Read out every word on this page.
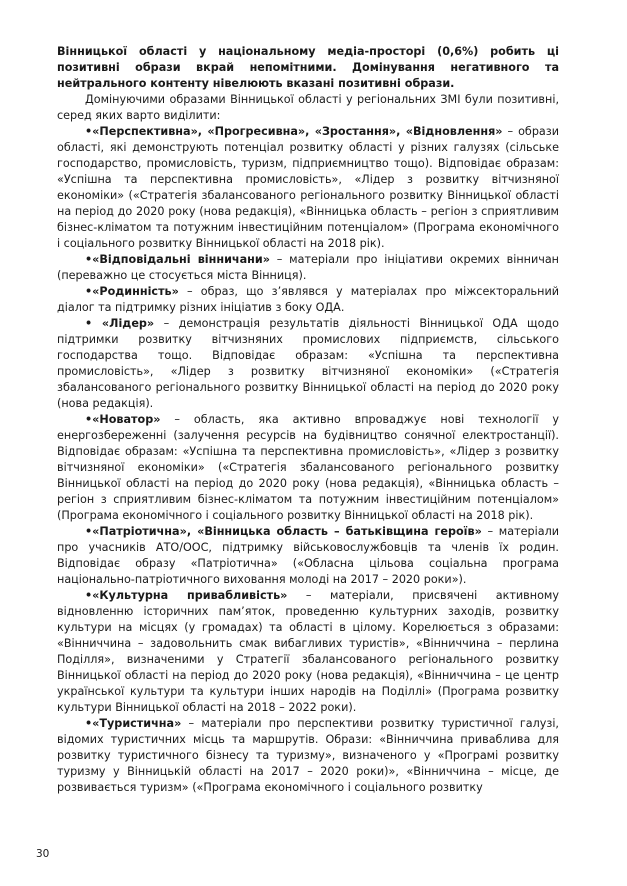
Вінницької області у національному медіа-просторі (0,6%) робить ці позитивні образи вкрай непомітними. Домінування негативного та нейтрального контенту нівелюють вказані позитивні образи.

Домінуючими образами Вінницької області у регіональних ЗМІ були позитивні, серед яких варто виділити:

•«Перспективна», «Прогресивна», «Зростання», «Відновлення» – образи області, які демонструють потенціал розвитку області у різних галузях (сільське господарство, промисловість, туризм, підприємництво тощо). Відповідає образам: «Успішна та перспективна промисловість», «Лідер з розвитку вітчизняної економіки» («Стратегія збалансованого регіонального розвитку Вінницької області на період до 2020 року (нова редакція), «Вінницька область – регіон з сприятливим бізнес-кліматом та потужним інвестиційним потенціалом» (Програма економічного і соціального розвитку Вінницької області на 2018 рік).

•«Відповідальні вінничани» – матеріали про ініціативи окремих вінничан (переважно це стосується міста Вінниця).

•«Родинність» – образ, що з’являвся у матеріалах про міжсекторальний діалог та підтримку різних ініціатив з боку ОДА.

• «Лідер» – демонстрація результатів діяльності Вінницької ОДА щодо підтримки розвитку вітчизняних промислових підприємств, сільського господарства тощо. Відповідає образам: «Успішна та перспективна промисловість», «Лідер з розвитку вітчизняної економіки» («Стратегія збалансованого регіонального розвитку Вінницької області на період до 2020 року (нова редакція).

•«Новатор» – область, яка активно впроваджує нові технології у енергозбереженні (залучення ресурсів на будівництво сонячної електростанції). Відповідає образам: «Успішна та перспективна промисловість», «Лідер з розвитку вітчизняної економіки» («Стратегія збалансованого регіонального розвитку Вінницької області на період до 2020 року (нова редакція), «Вінницька область – регіон з сприятливим бізнес-кліматом та потужним інвестиційним потенціалом» (Програма економічного і соціального розвитку Вінницької області на 2018 рік).

•«Патріотична», «Вінницька область – батьківщина героїв» – матеріали про учасників АТО/ООС, підтримку військовослужбовців та членів їх родин. Відповідає образу «Патріотична» («Обласна цільова соціальна програма національно-патріотичного виховання молоді на 2017 – 2020 роки»).

•«Культурна привабливість» – матеріали, присвячені активному відновленню історичних пам’яток, проведенню культурних заходів, розвитку культури на місцях (у громадах) та області в цілому. Корелюється з образами: «Вінниччина – задовольнить смак вибагливих туристів», «Вінниччина – перлина Поділля», визначеними у Стратегії збалансованого регіонального розвитку Вінницької області на період до 2020 року (нова редакція), «Вінниччина – це центр української культури та культури інших народів на Поділлі» (Програма розвитку культури Вінницької області на 2018 – 2022 роки).

•«Туристична» – матеріали про перспективи розвитку туристичної галузі, відомих туристичних місць та маршрутів. Образи: «Вінниччина приваблива для розвитку туристичного бізнесу та туризму», визначеного у «Програмі розвитку туризму у Вінницькій області на 2017 – 2020 роки)», «Вінниччина – місце, де розвивається туризм» («Програма економічного і соціального розвитку

30
